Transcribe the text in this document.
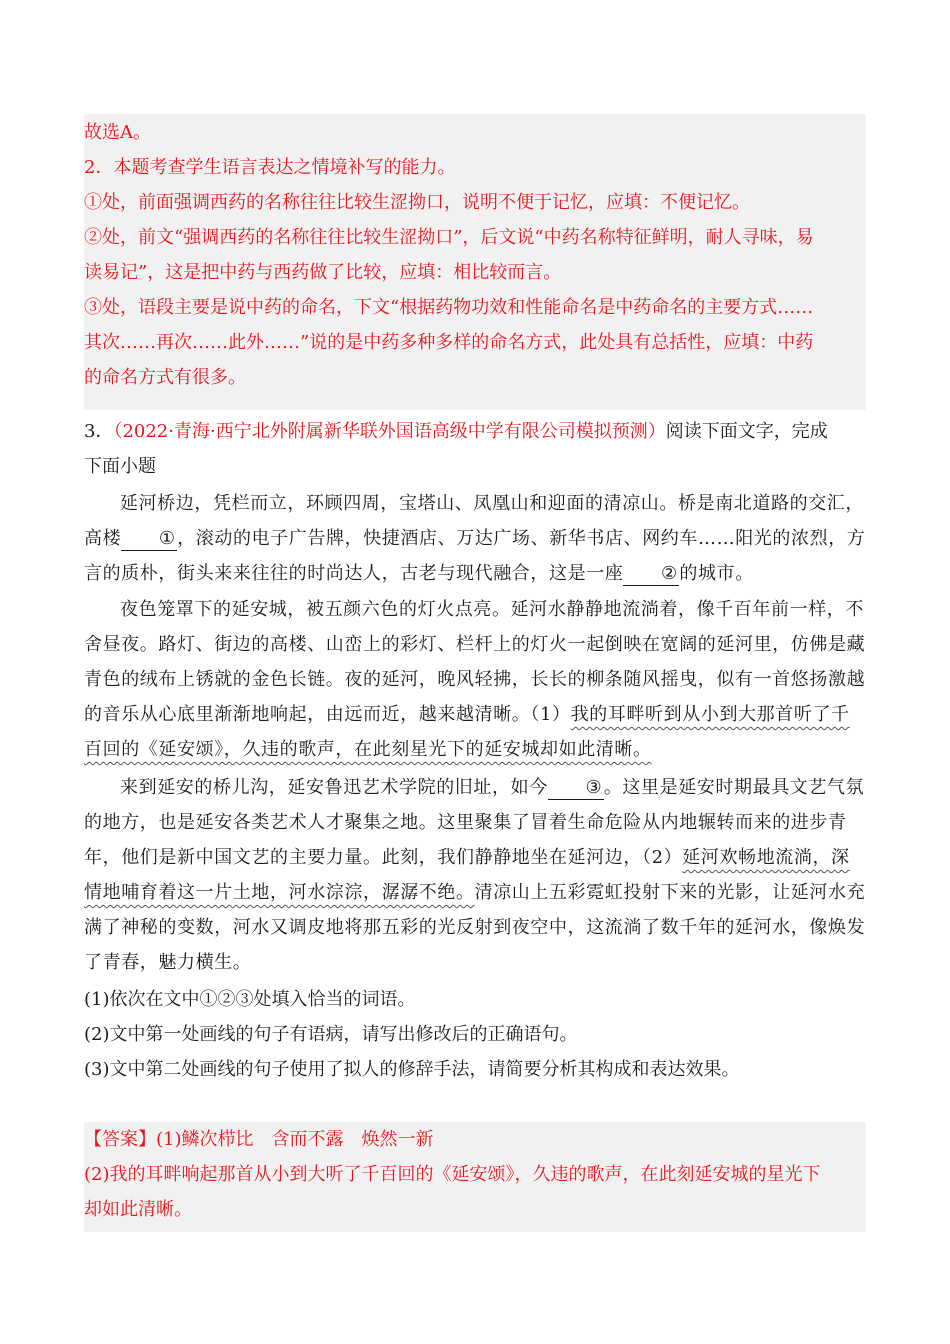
故选A。
2．本题考查学生语言表达之情境补写的能力。
①处，前面强调西药的名称往往比较生涩拗口，说明不便于记忆，应填：不便记忆。
②处，前文“强调西药的名称往往比较生涩拗口”，后文说“中药名称特征鲜明，耐人寻味，易
读易记”，这是把中药与西药做了比较，应填：相比较而言。
③处，语段主要是说中药的命名，下文“根据药物功效和性能命名是中药命名的主要方式……
其次……再次……此外……”说的是中药多种多样的命名方式，此处具有总括性，应填：中药
的命名方式有很多。
3．（2022·青海·西宁北外附属新华联外国语高级中学有限公司模拟预测）阅读下面文字，完成
下面小题
延河桥边，凭栏而立，环顾四周，宝塔山、凤凰山和迎面的清凉山。桥是南北道路的交汇，高楼 ①，滚动的电子广告牌，快捷酒店、万达广场、新华书店、网约车……阳光的浓烈，方言的质朴，街头来来往往的时尚达人，古老与现代融合，这是一座 ②的城市。
夜色笼罩下的延安城，被五颜六色的灯火点亮。延河水静静地流淌着，像千百年前一样，不舍昼夜。路灯、街边的高楼、山峦上的彩灯、栏杆上的灯火一起倒映在宽阔的延河里，仿佛是藏青色的绒布上锈就的金色长链。夜的延河，晚风轻拂，长长的柳条随风摇曳，似有一首悠扬激越的音乐从心底里渐渐地响起，由远而近，越来越清晰。（1）我的耳畔听到从小到大那首听了千百回的《延安颂》，久违的歌声，在此刻星光下的延安城却如此清晰。
来到延安的桥儿沟，延安鲁迅艺术学院的旧址，如今 ③。这里是延安时期最具文艺气氛的地方，也是延安各类艺术人才聚集之地。这里聚集了冒着生命危险从内地辗转而来的进步青年，他们是新中国文艺的主要力量。此刻，我们静静地坐在延河边，（2）延河欢畅地流淌，深情地哺育着这一片土地，河水淙淙，潺潺不绝。清凉山上五彩霓虹投射下来的光影，让延河水充满了神秘的变数，河水又调皮地将那五彩的光反射到夜空中，这流淌了数千年的延河水，像焕发了青春，魅力横生。
(1)依次在文中①②③处填入恰当的词语。
(2)文中第一处画线的句子有语病，请写出修改后的正确语句。
(3)文中第二处画线的句子使用了拟人的修辞手法，请简要分析其构成和表达效果。
【答案】(1)鳞次栉比　含而不露　焕然一新
(2)我的耳畔响起那首从小到大听了千百回的《延安颂》，久违的歌声，在此刻延安城的星光下
却如此清晰。
